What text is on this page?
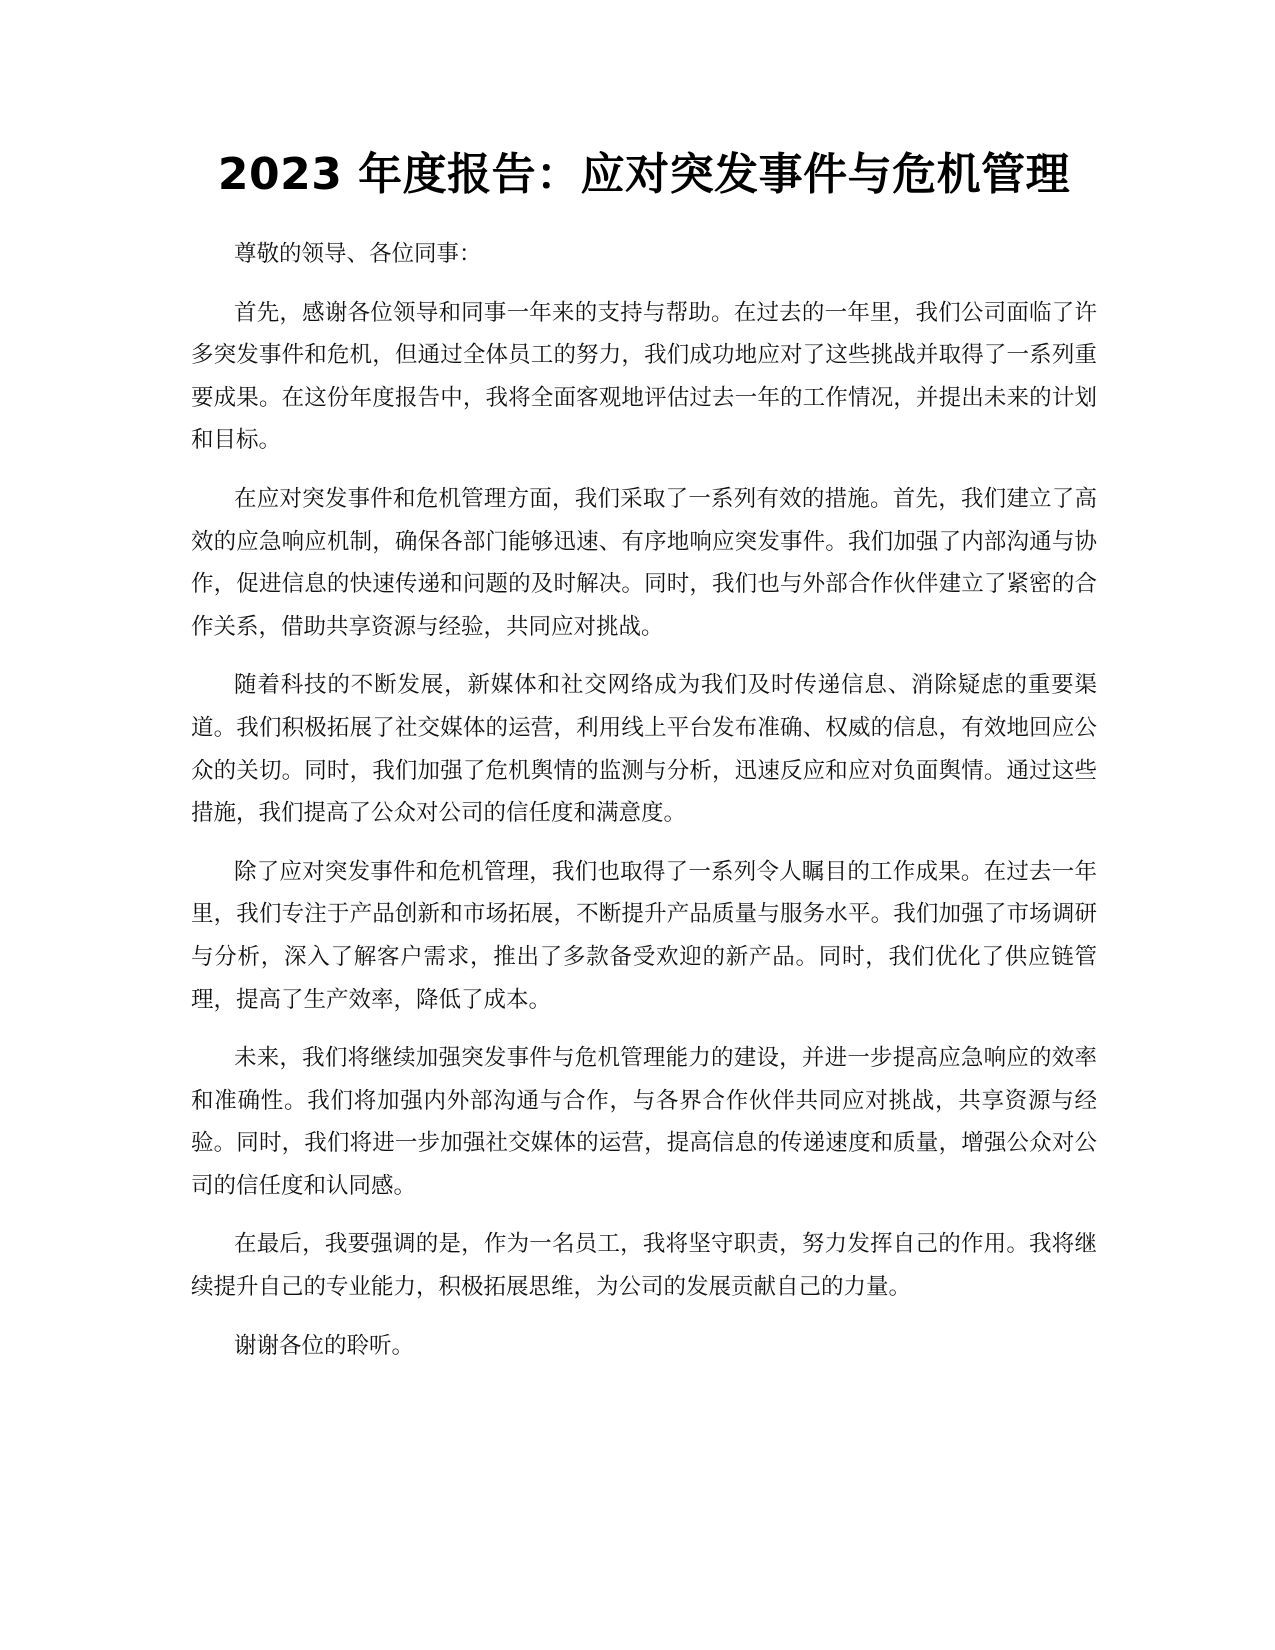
2023 年度报告：应对突发事件与危机管理

尊敬的领导、各位同事：

首先，感谢各位领导和同事一年来的支持与帮助。在过去的一年里，我们公司面临了许多突发事件和危机，但通过全体员工的努力，我们成功地应对了这些挑战并取得了一系列重要成果。在这份年度报告中，我将全面客观地评估过去一年的工作情况，并提出未来的计划和目标。

在应对突发事件和危机管理方面，我们采取了一系列有效的措施。首先，我们建立了高效的应急响应机制，确保各部门能够迅速、有序地响应突发事件。我们加强了内部沟通与协作，促进信息的快速传递和问题的及时解决。同时，我们也与外部合作伙伴建立了紧密的合作关系，借助共享资源与经验，共同应对挑战。

随着科技的不断发展，新媒体和社交网络成为我们及时传递信息、消除疑虑的重要渠道。我们积极拓展了社交媒体的运营，利用线上平台发布准确、权威的信息，有效地回应公众的关切。同时，我们加强了危机舆情的监测与分析，迅速反应和应对负面舆情。通过这些措施，我们提高了公众对公司的信任度和满意度。

除了应对突发事件和危机管理，我们也取得了一系列令人瞩目的工作成果。在过去一年里，我们专注于产品创新和市场拓展，不断提升产品质量与服务水平。我们加强了市场调研与分析，深入了解客户需求，推出了多款备受欢迎的新产品。同时，我们优化了供应链管理，提高了生产效率，降低了成本。

未来，我们将继续加强突发事件与危机管理能力的建设，并进一步提高应急响应的效率和准确性。我们将加强内外部沟通与合作，与各界合作伙伴共同应对挑战，共享资源与经验。同时，我们将进一步加强社交媒体的运营，提高信息的传递速度和质量，增强公众对公司的信任度和认同感。

在最后，我要强调的是，作为一名员工，我将坚守职责，努力发挥自己的作用。我将继续提升自己的专业能力，积极拓展思维，为公司的发展贡献自己的力量。

谢谢各位的聆听。
